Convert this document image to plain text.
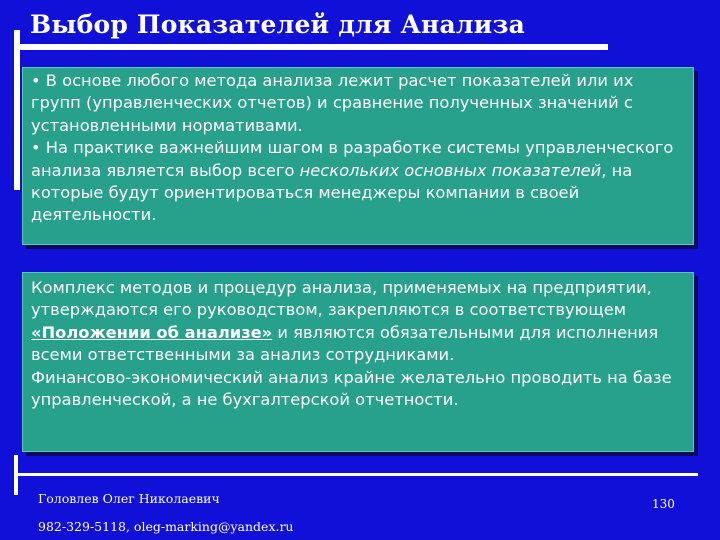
Выбор Показателей для Анализа

• В основе любого метода анализа лежит расчет показателей или их групп (управленческих отчетов) и сравнение полученных значений с установленными нормативами.

• На практике важнейшим шагом в разработке системы управленческого анализа является выбор всего нескольких основных показателей, на которые будут ориентироваться менеджеры компании в своей деятельности.

Комплекс методов и процедур анализа, применяемых на предприятии, утверждаются его руководством, закрепляются в соответствующем «Положении об анализе» и являются обязательными для исполнения всеми ответственными за анализ сотрудниками.

Финансово-экономический анализ крайне желательно проводить на базе управленческой, а не бухгалтерской отчетности.

Головлев Олег Николаевич
982-329-5118, oleg-marking@yandex.ru
130
